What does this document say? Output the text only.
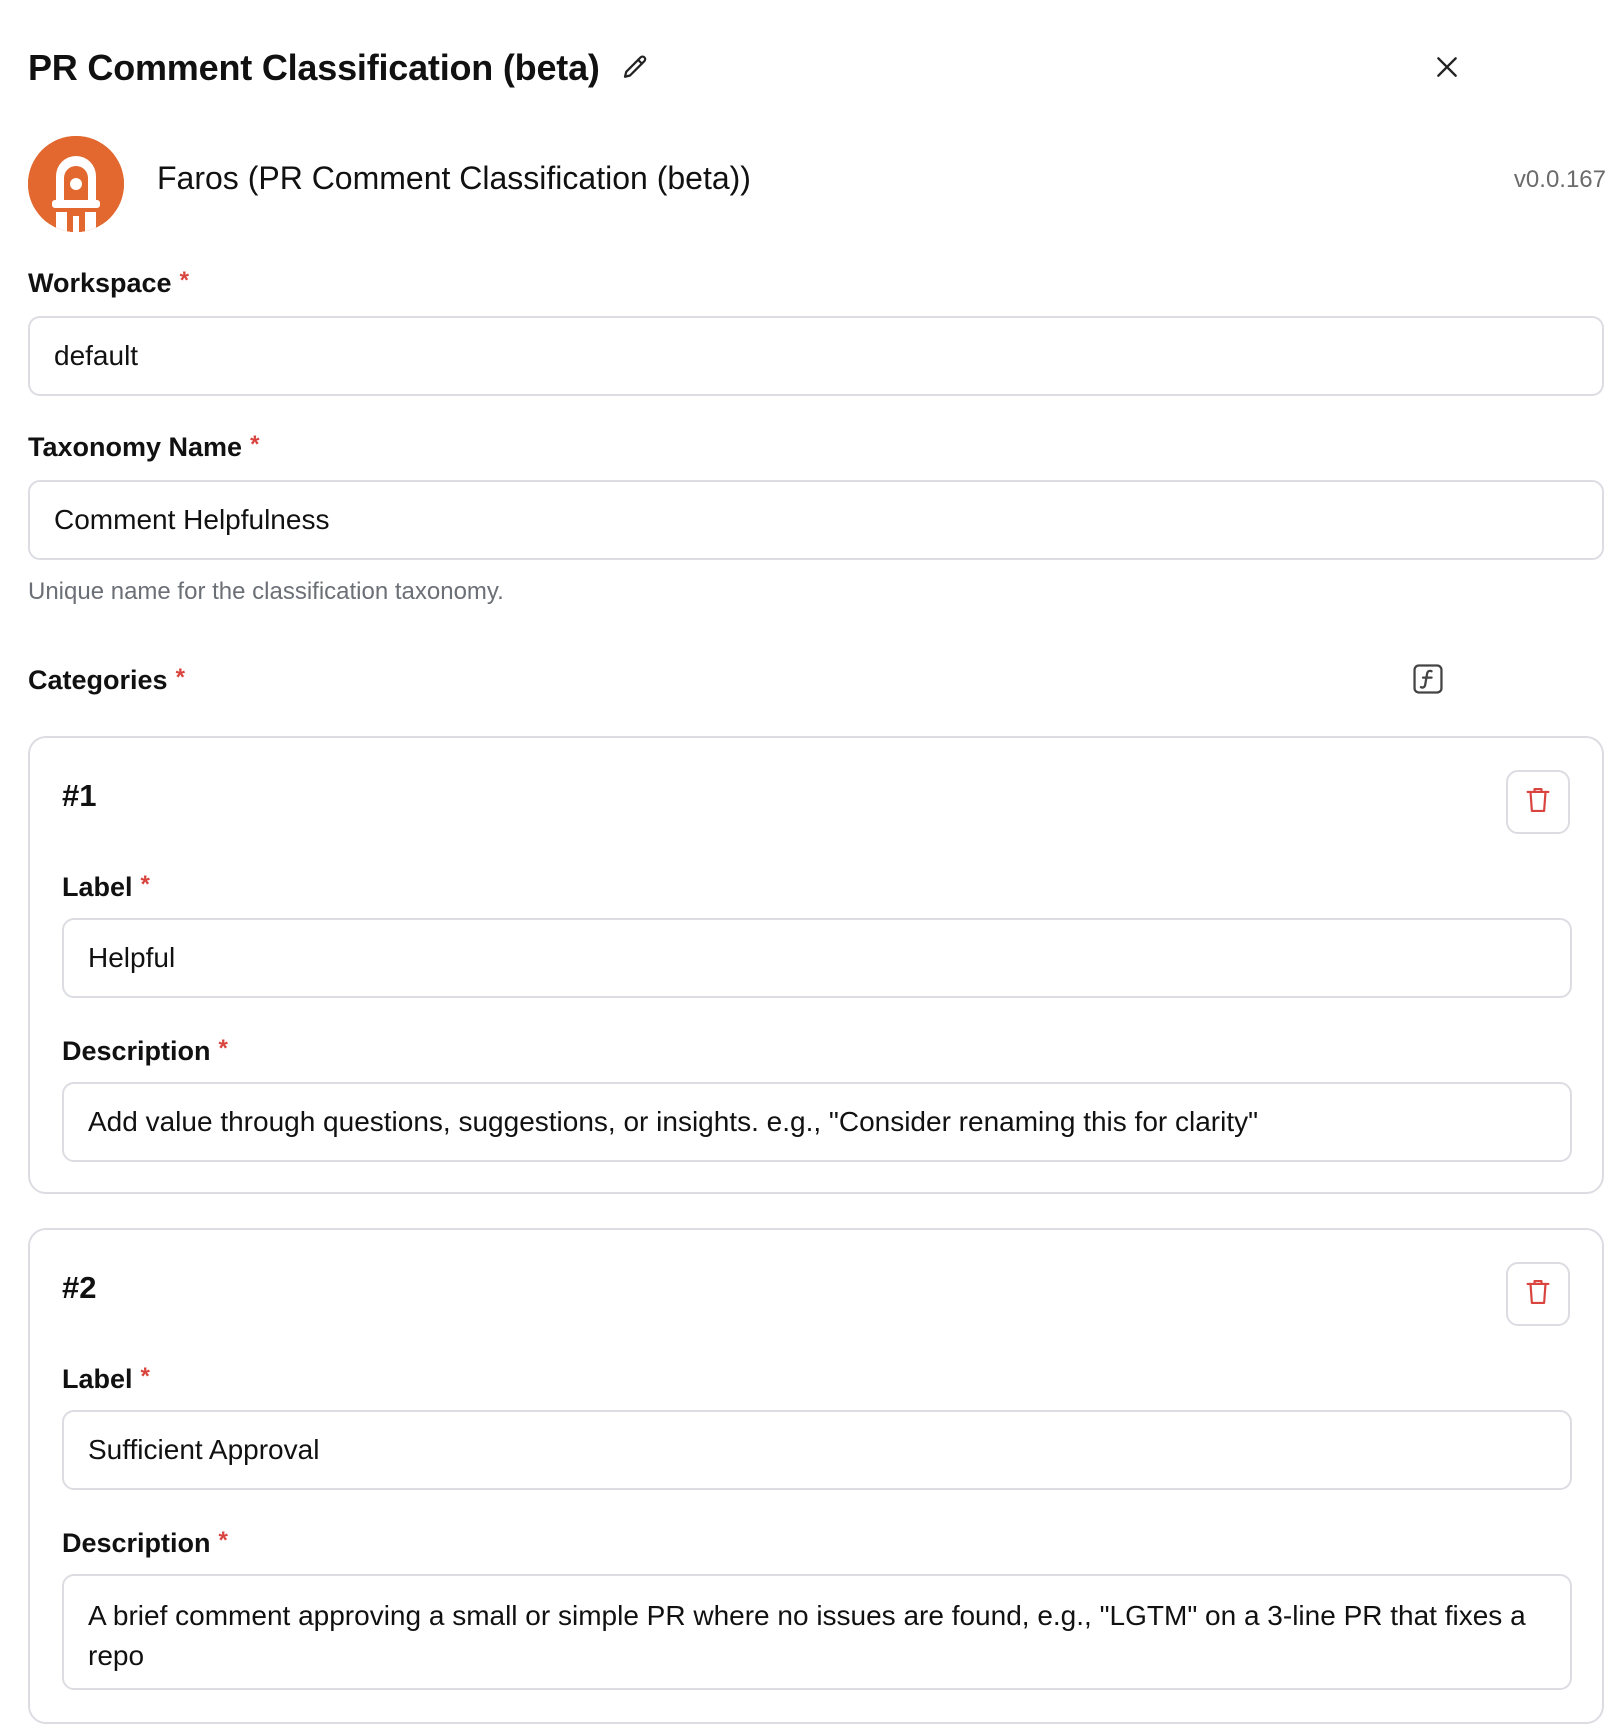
PR Comment Classification (beta)
Faros (PR Comment Classification (beta))	v0.0.167
Workspace *
default
Taxonomy Name *
Comment Helpfulness
Unique name for the classification taxonomy.
Categories *
#1
Label *
Helpful
Description *
Add value through questions, suggestions, or insights. e.g., "Consider renaming this for clarity"
#2
Label *
Sufficient Approval
Description *
A brief comment approving a small or simple PR where no issues are found, e.g., "LGTM" on a 3-line PR that fixes a repo
